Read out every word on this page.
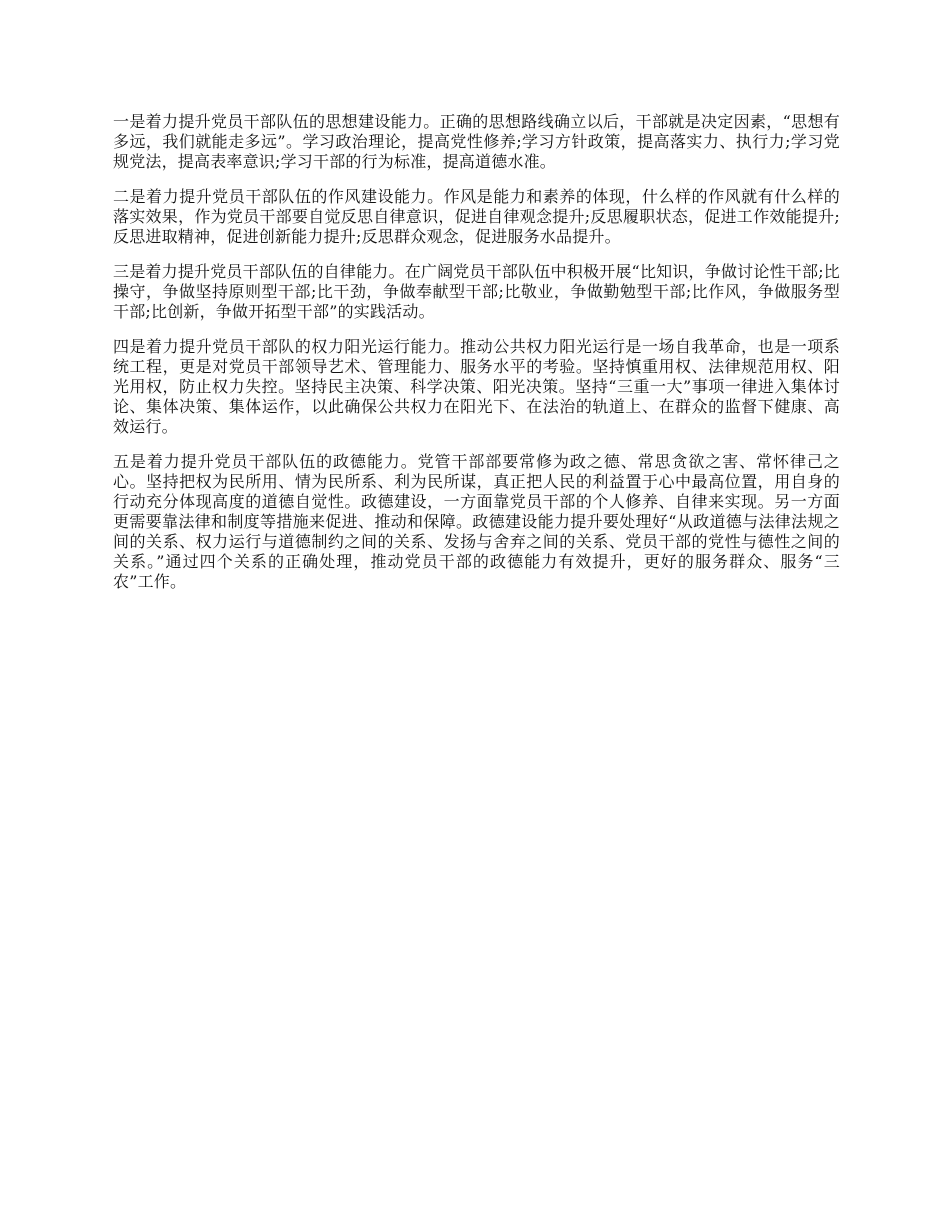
一是着力提升党员干部队伍的思想建设能力。正确的思想路线确立以后，干部就是决定因素，“思想有多远，我们就能走多远”。学习政治理论，提高党性修养;学习方针政策，提高落实力、执行力;学习党规党法，提高表率意识;学习干部的行为标准，提高道德水准。

二是着力提升党员干部队伍的作风建设能力。作风是能力和素养的体现，什么样的作风就有什么样的落实效果，作为党员干部要自觉反思自律意识，促进自律观念提升;反思履职状态，促进工作效能提升;反思进取精神，促进创新能力提升;反思群众观念，促进服务水品提升。

三是着力提升党员干部队伍的自律能力。在广阔党员干部队伍中积极开展“比知识，争做讨论性干部;比操守，争做坚持原则型干部;比干劲，争做奉献型干部;比敬业，争做勤勉型干部;比作风，争做服务型干部;比创新，争做开拓型干部”的实践活动。

四是着力提升党员干部队的权力阳光运行能力。推动公共权力阳光运行是一场自我革命，也是一项系统工程，更是对党员干部领导艺术、管理能力、服务水平的考验。坚持慎重用权、法律规范用权、阳光用权，防止权力失控。坚持民主决策、科学决策、阳光决策。坚持“三重一大”事项一律进入集体讨论、集体决策、集体运作，以此确保公共权力在阳光下、在法治的轨道上、在群众的监督下健康、高效运行。

五是着力提升党员干部队伍的政德能力。党管干部部要常修为政之德、常思贪欲之害、常怀律己之心。坚持把权为民所用、情为民所系、利为民所谋，真正把人民的利益置于心中最高位置，用自身的行动充分体现高度的道德自觉性。政德建设，一方面靠党员干部的个人修养、自律来实现。另一方面更需要靠法律和制度等措施来促进、推动和保障。政德建设能力提升要处理好“从政道德与法律法规之间的关系、权力运行与道德制约之间的关系、发扬与舍弃之间的关系、党员干部的党性与德性之间的关系。”通过四个关系的正确处理，推动党员干部的政德能力有效提升，更好的服务群众、服务“三农”工作。
